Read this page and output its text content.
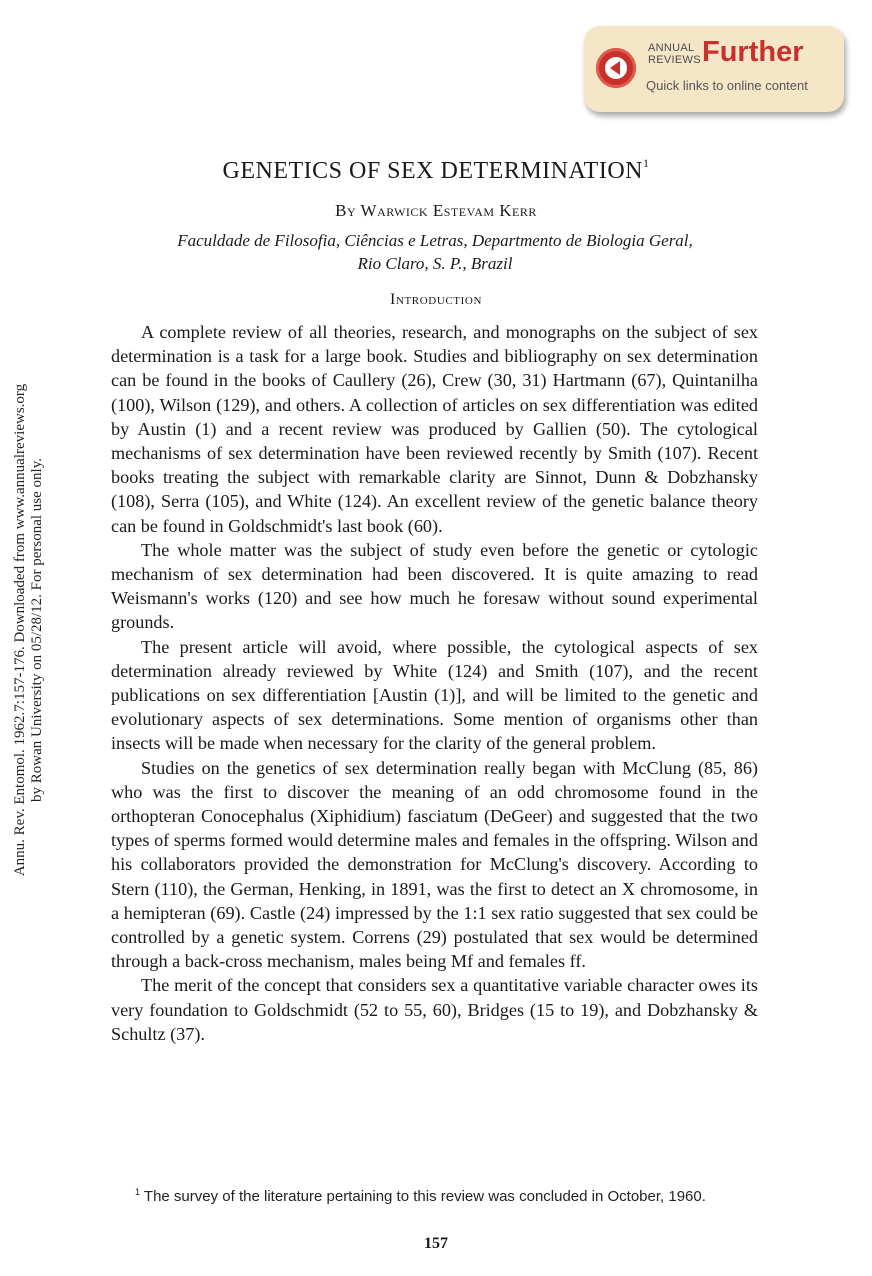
ANNUAL
REVIEWS Further
Quick links to online content
Annu. Rev. Entomol. 1962.7:157-176. Downloaded from www.annualreviews.org by Rowan University on 05/28/12. For personal use only.
GENETICS OF SEX DETERMINATION$^1$
By Warwick Estevam Kerr
Faculdade de Filosofia, Ciências e Letras, Departmento de Biologia Geral,
Rio Claro, S. P., Brazil
Introduction

A complete review of all theories, research, and monographs on the subject of sex determination is a task for a large book. Studies and bibliography on sex determination can be found in the books of Caullery (26), Crew (30, 31) Hartmann (67), Quintanilha (100), Wilson (129), and others. A collection of articles on sex differentiation was edited by Austin (1) and a recent review was produced by Gallien (50). The cytological mechanisms of sex determination have been reviewed recently by Smith (107). Recent books treating the subject with remarkable clarity are Sinnot, Dunn & Dobzhansky (108), Serra (105), and White (124). An excellent review of the genetic balance theory can be found in Goldschmidt's last book (60).

The whole matter was the subject of study even before the genetic or cytologic mechanism of sex determination had been discovered. It is quite amazing to read Weismann's works (120) and see how much he foresaw without sound experimental grounds.

The present article will avoid, where possible, the cytological aspects of sex determination already reviewed by White (124) and Smith (107), and the recent publications on sex differentiation [Austin (1)], and will be limited to the genetic and evolutionary aspects of sex determinations. Some mention of organisms other than insects will be made when necessary for the clarity of the general problem.

Studies on the genetics of sex determination really began with McClung (85, 86) who was the first to discover the meaning of an odd chromosome found in the orthopteran Conocephalus (Xiphidium) fasciatum (DeGeer) and suggested that the two types of sperms formed would determine males and females in the offspring. Wilson and his collaborators provided the demonstration for McClung's discovery. According to Stern (110), the German, Henking, in 1891, was the first to detect an X chromosome, in a hemipteran (69). Castle (24) impressed by the 1:1 sex ratio suggested that sex could be controlled by a genetic system. Correns (29) postulated that sex would be determined through a back-cross mechanism, males being Mf and females ff.

The merit of the concept that considers sex a quantitative variable character owes its very foundation to Goldschmidt (52 to 55, 60), Bridges (15 to 19), and Dobzhansky & Schultz (37).

$^1$ The survey of the literature pertaining to this review was concluded in October, 1960.
157
